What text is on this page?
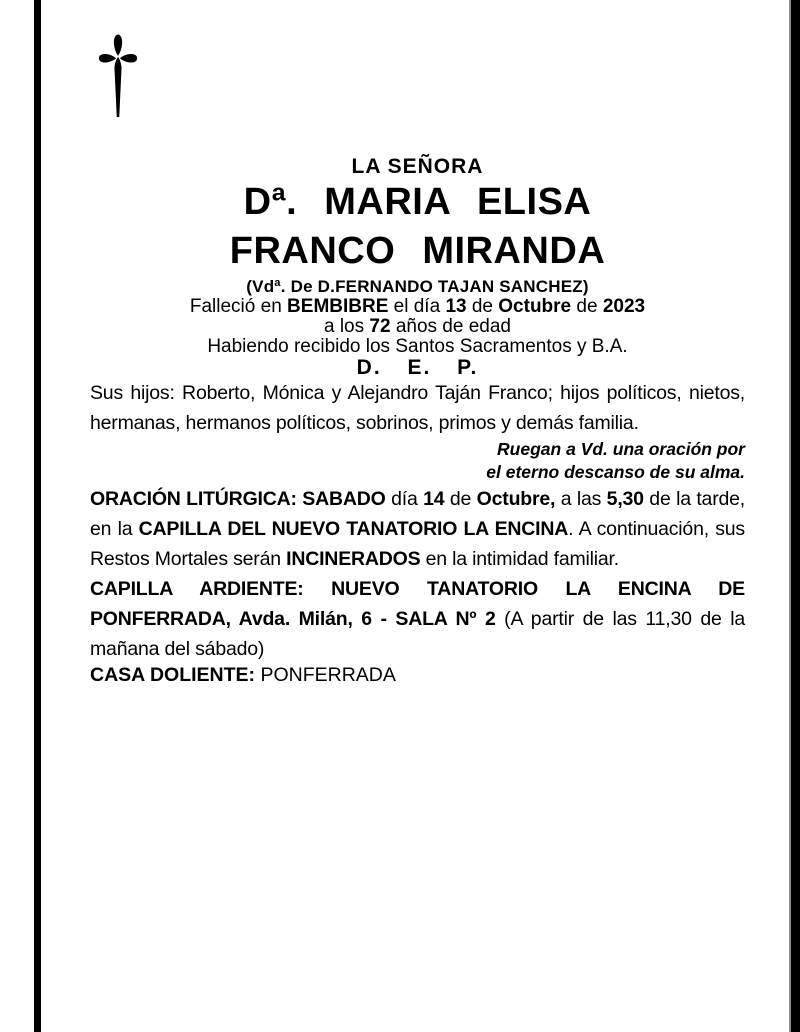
LA SEÑORA
Dª. MARIA ELISA
FRANCO MIRANDA
(Vdª. De D.FERNANDO TAJAN SANCHEZ)

Falleció en BEMBIBRE el día 13 de Octubre de 2023

a los 72 años de edad

Habiendo recibido los Santos Sacramentos y B.A.

D. E. P.

Sus hijos: Roberto, Mónica y Alejandro Taján Franco; hijos políticos, nietos, hermanas, hermanos políticos, sobrinos, primos y demás familia.

Ruegan a Vd. una oración por
el eterno descanso de su alma.

ORACIÓN LITÚRGICA: SABADO día 14 de Octubre, a las 5,30 de la tarde, en la CAPILLA DEL NUEVO TANATORIO LA ENCINA. A continuación, sus Restos Mortales serán INCINERADOS en la intimidad familiar.

CAPILLA ARDIENTE: NUEVO TANATORIO LA ENCINA DE PONFERRADA, Avda. Milán, 6 - SALA Nº 2 (A partir de las 11,30 de la mañana del sábado)

CASA DOLIENTE: PONFERRADA
